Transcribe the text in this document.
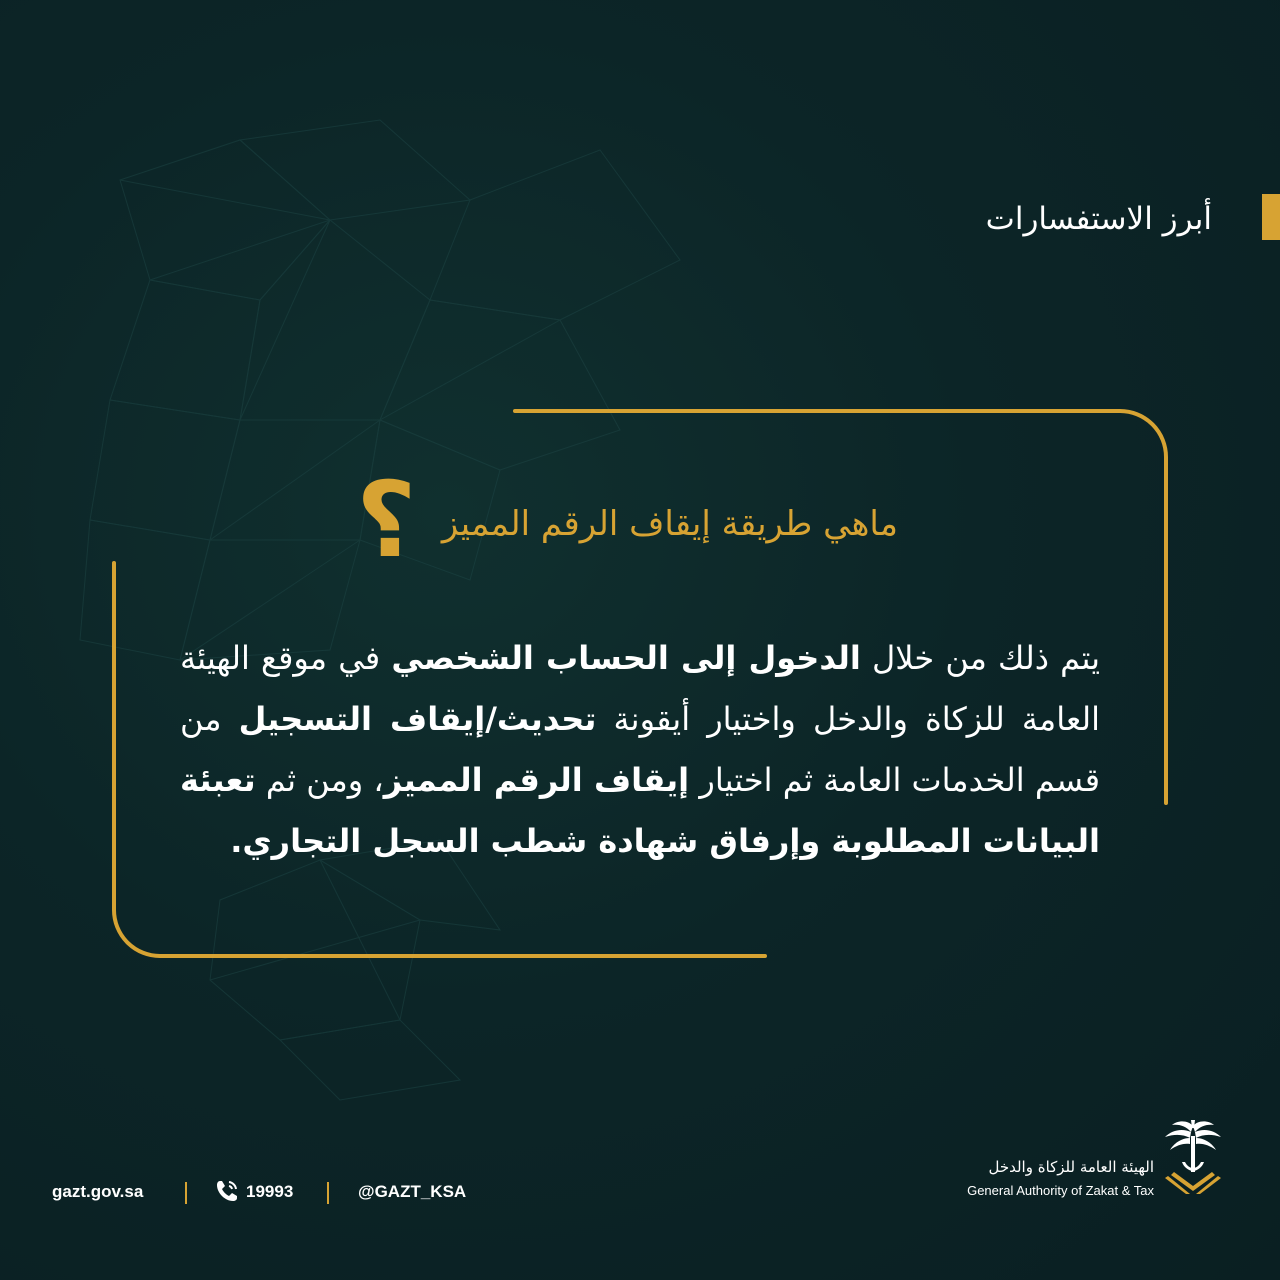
أبرز الاستفسارات
؟ ماهي طريقة إيقاف الرقم المميز
يتم ذلك من خلال الدخول إلى الحساب الشخصي في موقع الهيئة العامة للزكاة والدخل واختيار أيقونة تحديث/إيقاف التسجيل من قسم الخدمات العامة ثم اختيار إيقاف الرقم المميز، ومن ثم تعبئة البيانات المطلوبة وإرفاق شهادة شطب السجل التجاري.
gazt.gov.sa	19993	@GAZT_KSA
الهيئة العامة للزكاة والدخل
General Authority of Zakat & Tax
